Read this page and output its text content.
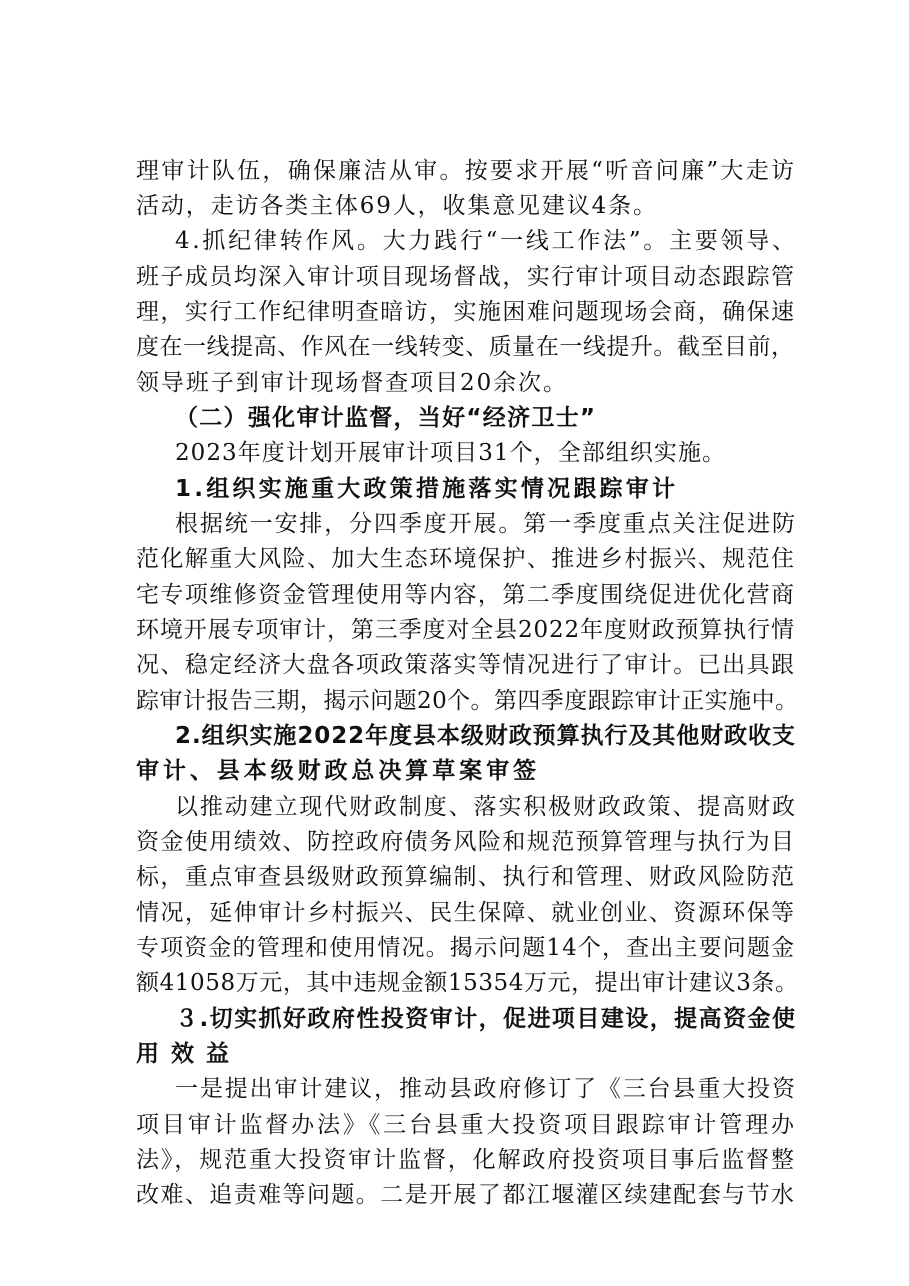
理审计队伍，确保廉洁从审。按要求开展“听音问廉”大走访
活动，走访各类主体69人，收集意见建议4条。
4.抓纪律转作风。大力践行“一线工作法”。主要领导、
班子成员均深入审计项目现场督战，实行审计项目动态跟踪管
理，实行工作纪律明查暗访，实施困难问题现场会商，确保速
度在一线提高、作风在一线转变、质量在一线提升。截至目前，
领导班子到审计现场督查项目20余次。
（二）强化审计监督，当好“经济卫士”
2023年度计划开展审计项目31个，全部组织实施。
1.组织实施重大政策措施落实情况跟踪审计
根据统一安排，分四季度开展。第一季度重点关注促进防
范化解重大风险、加大生态环境保护、推进乡村振兴、规范住
宅专项维修资金管理使用等内容，第二季度围绕促进优化营商
环境开展专项审计，第三季度对全县2022年度财政预算执行情
况、稳定经济大盘各项政策落实等情况进行了审计。已出具跟
踪审计报告三期，揭示问题20个。第四季度跟踪审计正实施中。
2.组织实施2022年度县本级财政预算执行及其他财政收支
审计、县本级财政总决算草案审签
以推动建立现代财政制度、落实积极财政政策、提高财政
资金使用绩效、防控政府债务风险和规范预算管理与执行为目
标，重点审查县级财政预算编制、执行和管理、财政风险防范
情况，延伸审计乡村振兴、民生保障、就业创业、资源环保等
专项资金的管理和使用情况。揭示问题14个，查出主要问题金
额41058万元，其中违规金额15354万元，提出审计建议3条。
３.切实抓好政府性投资审计，促进项目建设，提高资金使
用效益
一是提出审计建议，推动县政府修订了《三台县重大投资
项目审计监督办法》《三台县重大投资项目跟踪审计管理办
法》，规范重大投资审计监督，化解政府投资项目事后监督整
改难、追责难等问题。二是开展了都江堰灌区续建配套与节水
